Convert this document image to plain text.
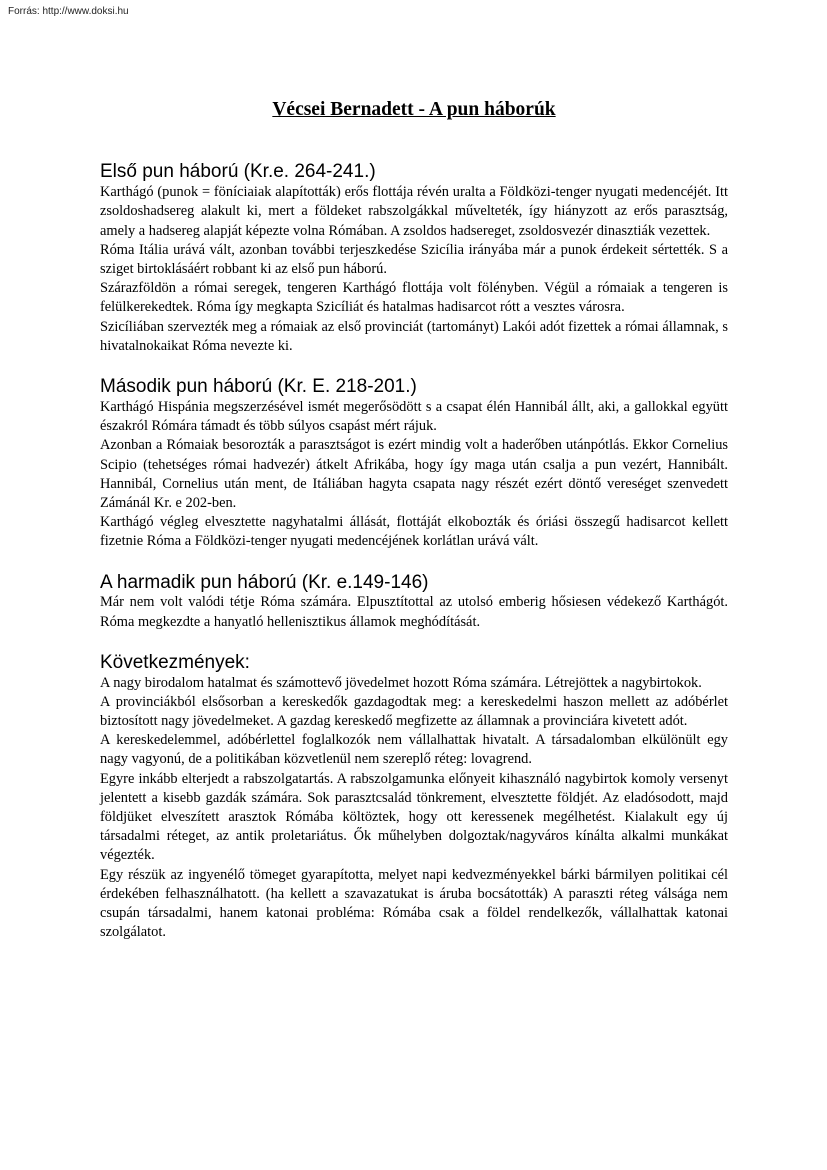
Forrás: http://www.doksi.hu
Vécsei Bernadett - A pun háborúk
Első pun háború (Kr.e. 264-241.)

Karthágó (punok = föníciaiak alapították) erős flottája révén uralta a Földközi-tenger nyugati medencéjét. Itt zsoldoshadsereg alakult ki, mert a földeket rabszolgákkal művelteték, így hiányzott az erős parasztság, amely a hadsereg alapját képezte volna Rómában. A zsoldos hadsereget, zsoldosvezér dinasztiák vezettek.

Róma Itália urává vált, azonban további terjeszkedése Szicília irányába már a punok érdekeit sértették. S a sziget birtoklásáért robbant ki az első pun háború.

Szárazföldön a római seregek, tengeren Karthágó flottája volt fölényben. Végül a rómaiak a tengeren is felülkerekedtek. Róma így megkapta Szicíliát és hatalmas hadisarcot rótt a vesztes városra.

Szicíliában szervezték meg a rómaiak az első provinciát (tartományt) Lakói adót fizettek a római államnak, s hivatalnokaikat Róma nevezte ki.

Második pun háború (Kr. E. 218-201.)

Karthágó Hispánia megszerzésével ismét megerősödött s a csapat élén Hannibál állt, aki, a gallokkal együtt északról Rómára támadt és több súlyos csapást mért rájuk.

Azonban a Rómaiak besorozták a parasztságot is ezért mindig volt a haderőben utánpótlás. Ekkor Cornelius Scipio (tehetséges római hadvezér) átkelt Afrikába, hogy így maga után csalja a pun vezért, Hannibált. Hannibál, Cornelius után ment, de Itáliában hagyta csapata nagy részét ezért döntő vereséget szenvedett Zámánál Kr. e 202-ben.

Karthágó végleg elvesztette nagyhatalmi állását, flottáját elkobozták és óriási összegű hadisarcot kellett fizetnie Róma a Földközi-tenger nyugati medencéjének korlátlan urává vált.

A harmadik pun háború (Kr. e.149-146)

Már nem volt valódi tétje Róma számára. Elpusztítottal az utolsó emberig hősiesen védekező Karthágót. Róma megkezdte a hanyatló hellenisztikus államok meghódítását.

Következmények:

A nagy birodalom hatalmat és számottevő jövedelmet hozott Róma számára. Létrejöttek a nagybirtokok.

A provinciákból elsősorban a kereskedők gazdagodtak meg: a kereskedelmi haszon mellett az adóbérlet biztosított nagy jövedelmeket. A gazdag kereskedő megfizette az államnak a provinciára kivetett adót.

A kereskedelemmel, adóbérlettel foglalkozók nem vállalhattak hivatalt. A társadalomban elkülönült egy nagy vagyonú, de a politikában közvetlenül nem szereplő réteg: lovagrend.

Egyre inkább elterjedt a rabszolgatartás. A rabszolgamunka előnyeit kihasználó nagybirtok komoly versenyt jelentett a kisebb gazdák számára. Sok parasztcsalád tönkrement, elvesztette földjét. Az eladósodott, majd földjüket elveszített arasztok Rómába költöztek, hogy ott keressenek megélhetést. Kialakult egy új társadalmi réteget, az antik proletariátus. Ők műhelyben dolgoztak/nagyváros kínálta alkalmi munkákat végezték.

Egy részük az ingyenélő tömeget gyarapította, melyet napi kedvezményekkel bárki bármilyen politikai cél érdekében felhasználhatott. (ha kellett a szavazatukat is áruba bocsátották) A paraszti réteg válsága nem csupán társadalmi, hanem katonai probléma: Rómába csak a földel rendelkezők, vállalhattak katonai szolgálatot.
